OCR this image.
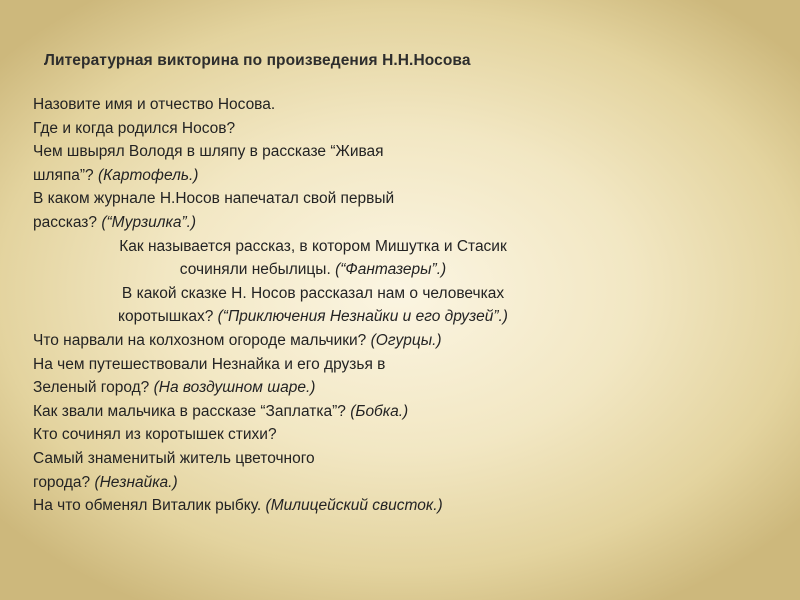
Литературная викторина по произведения Н.Н.Носова
Назовите имя и отчество Носова.
Где и когда родился Носов?
Чем швырял Володя в шляпу в рассказе “Живая
шляпа”? (Картофель.)
В каком журнале Н.Носов напечатал свой первый
рассказ? (“Мурзилка”.)
Как называется рассказ, в котором Мишутка и Стасик
сочиняли небылицы. (“Фантазеры”.)
В какой сказке Н. Носов рассказал нам о человечках
коротышках? (“Приключения Незнайки и его друзей”.)
Что нарвали на колхозном огороде мальчики? (Огурцы.)
На чем путешествовали Незнайка и его друзья в
Зеленый город? (На воздушном шаре.)
Как звали мальчика в рассказе “Заплатка”? (Бобка.)
Кто сочинял из коротышек стихи?
Самый знаменитый житель цветочного
города? (Незнайка.)
На что обменял Виталик рыбку. (Милицейский свисток.)
